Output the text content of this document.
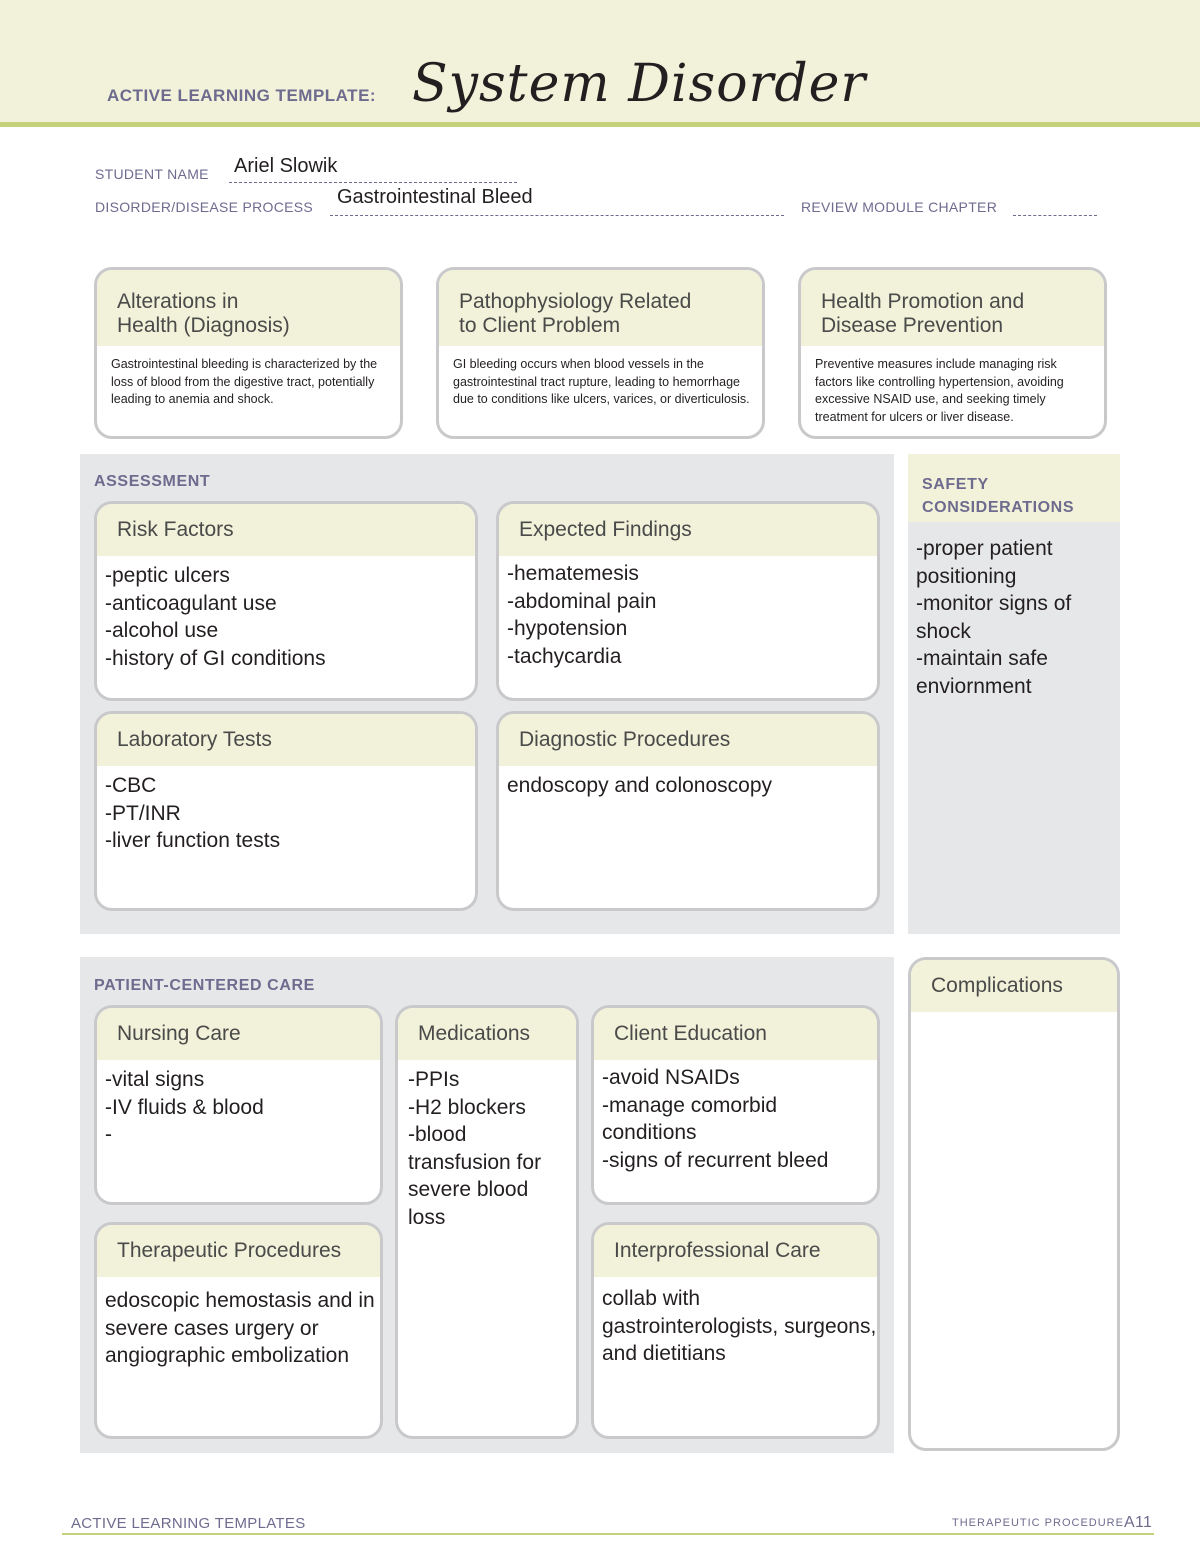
ACTIVE LEARNING TEMPLATE: System Disorder
STUDENT NAME Ariel Slowik
DISORDER/DISEASE PROCESS Gastrointestinal Bleed	REVIEW MODULE CHAPTER
Alterations in
Health (Diagnosis)
Gastrointestinal bleeding is characterized by the loss of blood from the digestive tract, potentially leading to anemia and shock.
Pathophysiology Related
to Client Problem
GI bleeding occurs when blood vessels in the gastrointestinal tract rupture, leading to hemorrhage due to conditions like ulcers, varices, or diverticulosis.
Health Promotion and
Disease Prevention
Preventive measures include managing risk factors like controlling hypertension, avoiding excessive NSAID use, and seeking timely treatment for ulcers or liver disease.
ASSESSMENT
Risk Factors
-peptic ulcers
-anticoagulant use
-alcohol use
-history of GI conditions
Expected Findings
-hematemesis
-abdominal pain
-hypotension
-tachycardia
Laboratory Tests
-CBC
-PT/INR
-liver function tests
Diagnostic Procedures
endoscopy and colonoscopy
SAFETY
CONSIDERATIONS
-proper patient positioning
-monitor signs of shock
-maintain safe enviornment
PATIENT-CENTERED CARE
Nursing Care
-vital signs
-IV fluids & blood
-
Medications
-PPIs
-H2 blockers
-blood transfusion for severe blood loss
Client Education
-avoid NSAIDs
-manage comorbid conditions
-signs of recurrent bleed
Therapeutic Procedures
edoscopic hemostasis and in severe cases urgery or angiographic embolization
Interprofessional Care
collab with gastrointerologists, surgeons, and dietitians
Complications
ACTIVE LEARNING TEMPLATES	THERAPEUTIC PROCEDURE A11
